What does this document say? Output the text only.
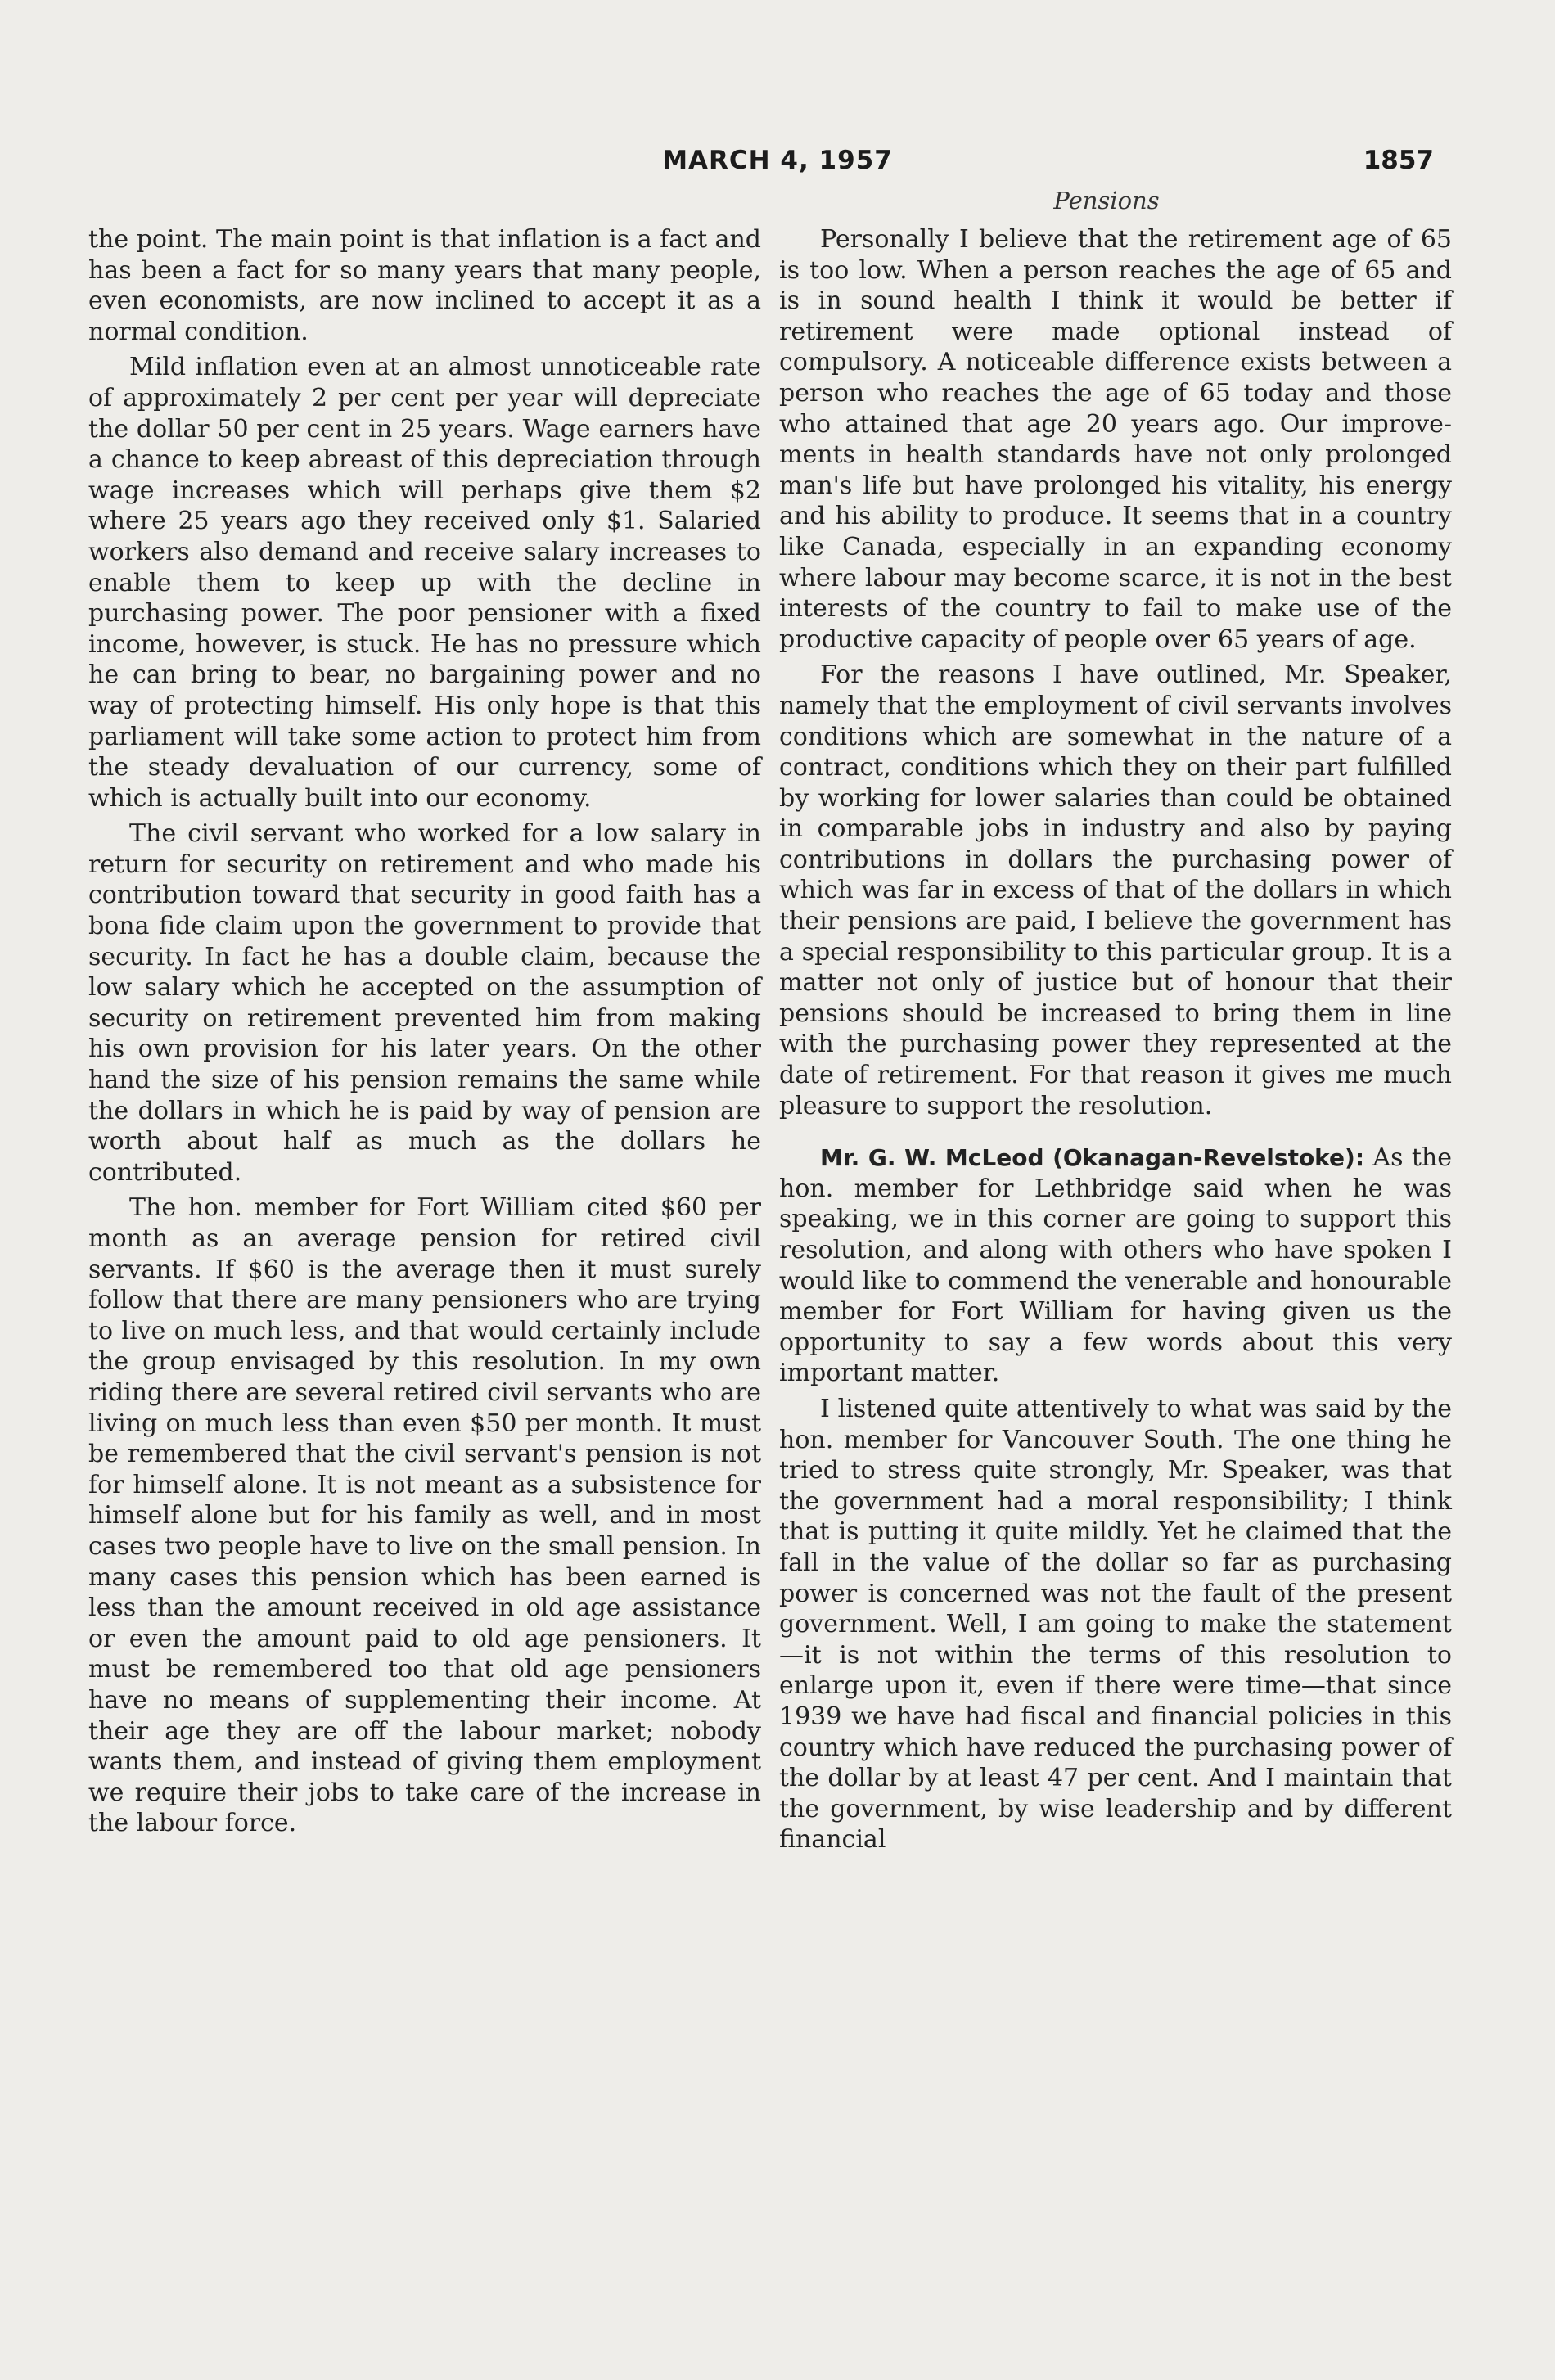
MARCH 4, 1957	1857
Pensions

the point. The main point is that inflation is a fact and has been a fact for so many years that many people, even economists, are now inclined to accept it as a normal condition.

Mild inflation even at an almost unnoticeable rate of approximately 2 per cent per year will depreciate the dollar 50 per cent in 25 years. Wage earners have a chance to keep abreast of this depreciation through wage increases which will perhaps give them $2 where 25 years ago they received only $1. Salaried workers also demand and receive salary increases to enable them to keep up with the decline in purchasing power. The poor pensioner with a fixed income, however, is stuck. He has no pressure which he can bring to bear, no bargaining power and no way of protecting himself. His only hope is that this parliament will take some action to protect him from the steady devaluation of our currency, some of which is actually built into our economy.

The civil servant who worked for a low salary in return for security on retirement and who made his contribution toward that security in good faith has a bona fide claim upon the government to provide that security. In fact he has a double claim, because the low salary which he accepted on the assumption of security on retirement prevented him from making his own provision for his later years. On the other hand the size of his pension remains the same while the dollars in which he is paid by way of pension are worth about half as much as the dollars he contributed.

The hon. member for Fort William cited $60 per month as an average pension for retired civil servants. If $60 is the average then it must surely follow that there are many pensioners who are trying to live on much less, and that would certainly include the group envisaged by this resolution. In my own riding there are several retired civil servants who are living on much less than even $50 per month. It must be remembered that the civil servant's pension is not for himself alone. It is not meant as a subsistence for himself alone but for his family as well, and in most cases two people have to live on the small pension. In many cases this pension which has been earned is less than the amount received in old age assistance or even the amount paid to old age pensioners. It must be remembered too that old age pensioners have no means of supplementing their income. At their age they are off the labour market; nobody wants them, and instead of giving them employment we require their jobs to take care of the increase in the labour force.

Personally I believe that the retirement age of 65 is too low. When a person reaches the age of 65 and is in sound health I think it would be better if retirement were made optional instead of compulsory. A noticeable difference exists between a person who reaches the age of 65 today and those who attained that age 20 years ago. Our improvements in health standards have not only prolonged man's life but have prolonged his vitality, his energy and his ability to produce. It seems that in a country like Canada, especially in an expanding economy where labour may become scarce, it is not in the best interests of the country to fail to make use of the productive capacity of people over 65 years of age.

For the reasons I have outlined, Mr. Speaker, namely that the employment of civil servants involves conditions which are somewhat in the nature of a contract, conditions which they on their part fulfilled by working for lower salaries than could be obtained in comparable jobs in industry and also by paying contributions in dollars the purchasing power of which was far in excess of that of the dollars in which their pensions are paid, I believe the government has a special responsibility to this particular group. It is a matter not only of justice but of honour that their pensions should be increased to bring them in line with the purchasing power they represented at the date of retirement. For that reason it gives me much pleasure to support the resolution.

Mr. G. W. McLeod (Okanagan-Revelstoke): As the hon. member for Lethbridge said when he was speaking, we in this corner are going to support this resolution, and along with others who have spoken I would like to commend the venerable and honourable member for Fort William for having given us the opportunity to say a few words about this very important matter.

I listened quite attentively to what was said by the hon. member for Vancouver South. The one thing he tried to stress quite strongly, Mr. Speaker, was that the government had a moral responsibility; I think that is putting it quite mildly. Yet he claimed that the fall in the value of the dollar so far as purchasing power is concerned was not the fault of the present government. Well, I am going to make the statement—it is not within the terms of this resolution to enlarge upon it, even if there were time—that since 1939 we have had fiscal and financial policies in this country which have reduced the purchasing power of the dollar by at least 47 per cent. And I maintain that the government, by wise leadership and by different financial
